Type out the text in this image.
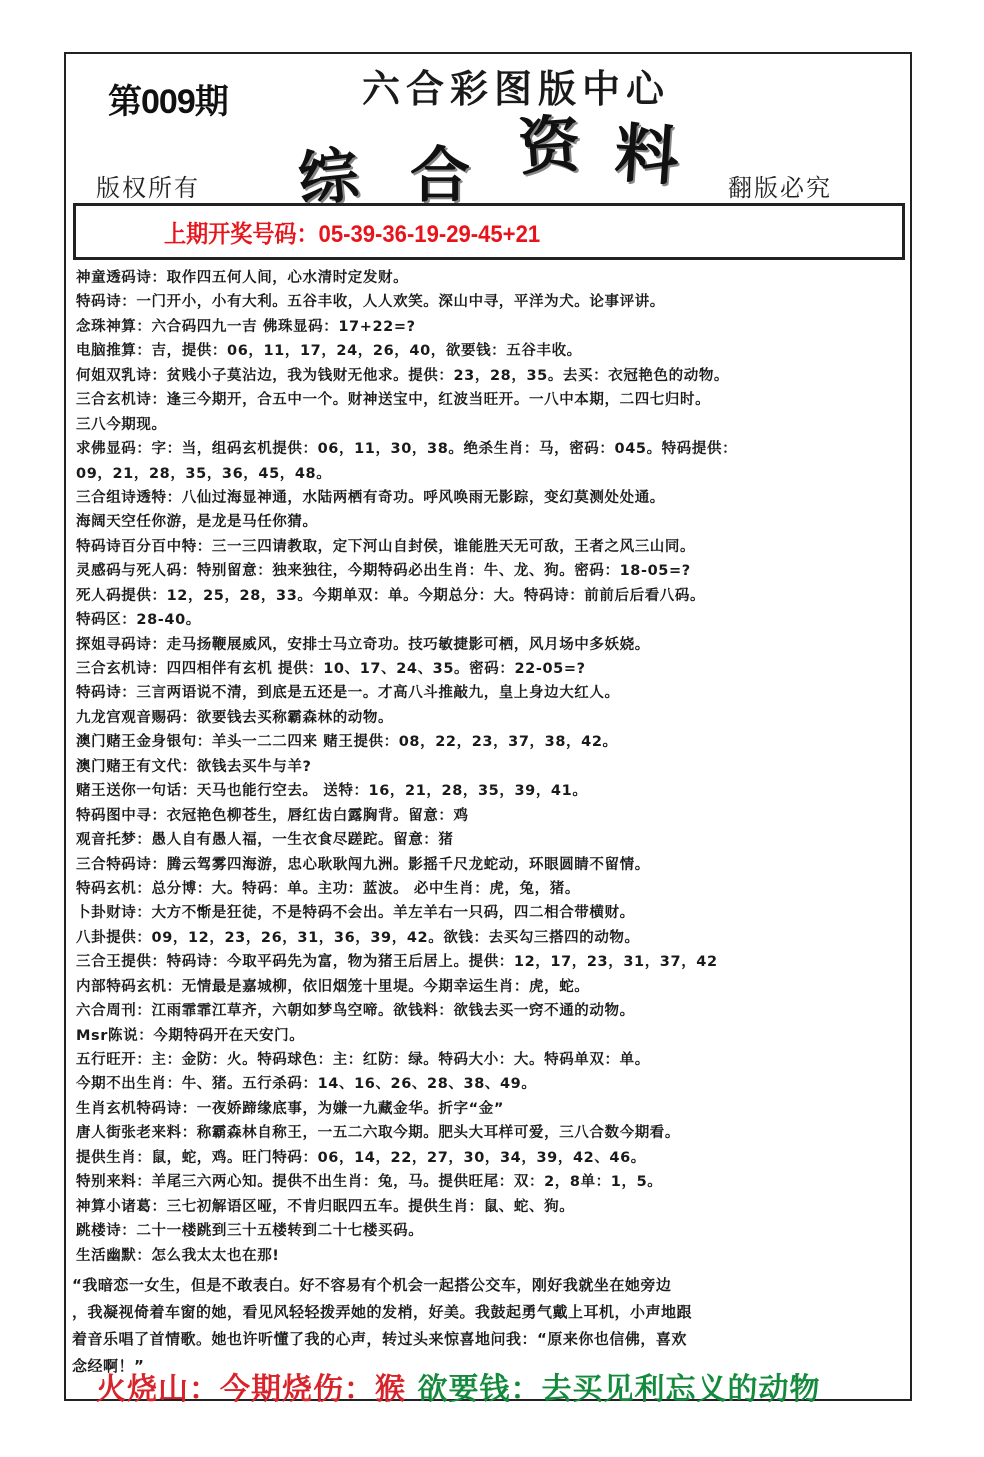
第009期	六合彩图版中心
综 合 资 料
版权所有	翻版必究
上期开奖号码：05-39-36-19-29-45+21
神童透码诗：取作四五何人间，心水清时定发财。
特码诗：一门开小，小有大利。五谷丰收，人人欢笑。深山中寻，平洋为犬。论事评讲。
念珠神算：六合码四九一吉 佛珠显码：17+22=?
电脑推算：吉，提供：06，11，17，24，26，40，欲要钱：五谷丰收。
何姐双乳诗：贫贱小子莫沾边，我为钱财无他求。提供：23，28，35。去买：衣冠艳色的动物。
三合玄机诗：逢三今期开，合五中一个。财神送宝中，红波当旺开。一八中本期，二四七归时。
三八今期现。
求佛显码：字：当，组码玄机提供：06，11，30，38。绝杀生肖：马，密码：045。特码提供：
09，21，28，35，36，45，48。
三合组诗透特：八仙过海显神通，水陆两栖有奇功。呼风唤雨无影踪，变幻莫测处处通。
海阔天空任你游，是龙是马任你猜。
特码诗百分百中特：三一三四请教取，定下河山自封侯，谁能胜天无可敌，王者之风三山同。
灵感码与死人码：特别留意：独来独往，今期特码必出生肖：牛、龙、狗。密码：18-05=?
死人码提供：12，25，28，33。今期单双：单。今期总分：大。特码诗：前前后后看八码。
特码区：28-40。
探姐寻码诗：走马扬鞭展威风，安排士马立奇功。技巧敏捷影可栖，风月场中多妖娆。
三合玄机诗：四四相伴有玄机 提供：10、17、24、35。密码：22-05=?
特码诗：三言两语说不清，到底是五还是一。才高八斗推敲九，皇上身边大红人。
九龙宫观音赐码：欲要钱去买称霸森林的动物。
澳门赌王金身银句：羊头一二二四来 赌王提供：08，22，23，37，38，42。
澳门赌王有文代：欲钱去买牛与羊?
赌王送你一句话：天马也能行空去。 送特：16，21，28，35，39，41。
特码图中寻：衣冠艳色柳苍生，唇红齿白露胸背。留意：鸡
观音托梦：愚人自有愚人福，一生衣食尽蹉跎。留意：猪
三合特码诗：腾云驾雾四海游，忠心耿耿闯九洲。影摇千尺龙蛇动，环眼圆睛不留情。
特码玄机：总分博：大。特码：单。主功：蓝波。 必中生肖：虎，兔，猪。
卜卦财诗：大方不惭是狂徒，不是特码不会出。羊左羊右一只码，四二相合带横财。
八卦提供：09，12，23，26，31，36，39，42。欲钱：去买勾三搭四的动物。
三合王提供：特码诗：今取平码先为富，物为猪王后居上。提供：12，17，23，31，37，42
内部特码玄机：无情最是嘉城柳，依旧烟笼十里堤。今期幸运生肖：虎，蛇。
六合周刊：江雨霏霏江草齐，六朝如梦鸟空啼。欲钱料：欲钱去买一窍不通的动物。
Msr陈说：今期特码开在天安门。
五行旺开：主：金防：火。特码球色：主：红防：绿。特码大小：大。特码单双：单。
今期不出生肖：牛、猪。五行杀码：14、16、26、28、38、49。
生肖玄机特码诗：一夜娇蹄缘底事，为嫌一九藏金华。折字“金”
唐人街张老来料：称霸森林自称王，一五二六取今期。肥头大耳样可爱，三八合数今期看。
提供生肖：鼠，蛇，鸡。旺门特码：06，14，22，27，30，34，39，42、46。
特别来料：羊尾三六两心知。提供不出生肖：兔，马。提供旺尾：双：2，8单：1，5。
神算小诸葛：三七初解语区哑，不肯归眠四五车。提供生肖：鼠、蛇、狗。
跳楼诗：二十一楼跳到三十五楼转到二十七楼买码。
生活幽默：怎么我太太也在那!
“我暗恋一女生，但是不敢表白。好不容易有个机会一起搭公交车，刚好我就坐在她旁边
，我凝视倚着车窗的她，看见风轻轻拨弄她的发梢，好美。我鼓起勇气戴上耳机，小声地跟
着音乐唱了首情歌。她也许听懂了我的心声，转过头来惊喜地问我：“原来你也信佛，喜欢
念经啊！”
火烧山：今期烧伤：猴 欲要钱：去买见利忘义的动物
